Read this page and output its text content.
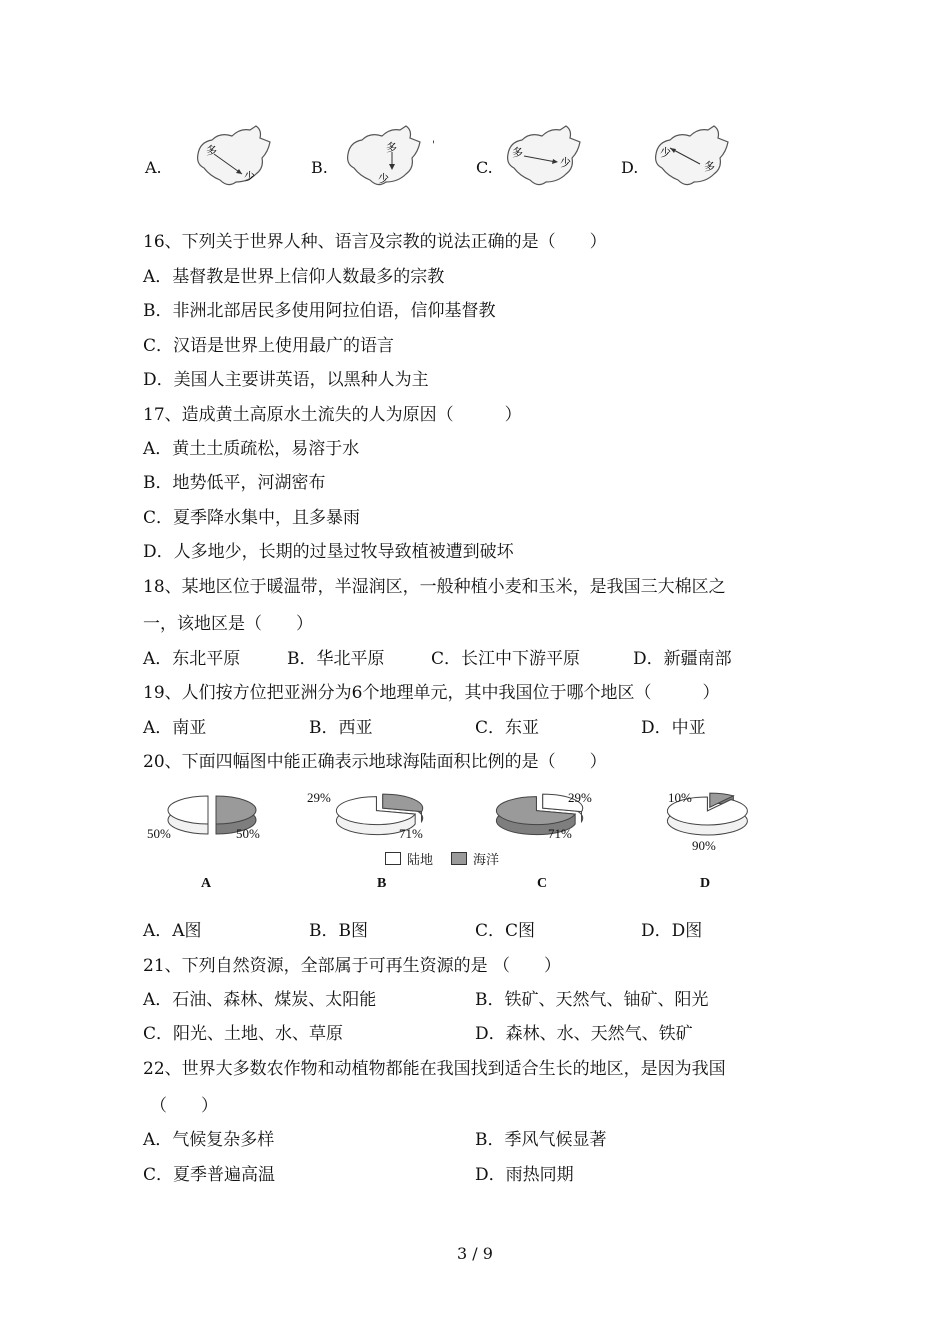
A.	B.	C.	D.
多
少
多
少
多
少
少
多
'
16、下列关于世界人种、语言及宗教的说法正确的是（　　）
A．基督教是世界上信仰人数最多的宗教
B．非洲北部居民多使用阿拉伯语，信仰基督教
C．汉语是世界上使用最广的语言
D．美国人主要讲英语，以黑种人为主
17、造成黄土高原水土流失的人为原因（　　　）
A．黄土土质疏松，易溶于水
B．地势低平，河湖密布
C．夏季降水集中，且多暴雨
D．人多地少，长期的过垦过牧导致植被遭到破坏
18、某地区位于暖温带，半湿润区，一般种植小麦和玉米，是我国三大棉区之
一，该地区是（　　）
A．东北平原	B．华北平原	C．长江中下游平原	D．新疆南部
19、人们按方位把亚洲分为6个地理单元，其中我国位于哪个地区（　　　）
A．南亚	B．西亚	C．东亚	D．中亚
20、下面四幅图中能正确表示地球海陆面积比例的是（　　）
50%	50%
29%
71%
29%
71%
10%
90%
陆地	海洋
A	B	C	D
A．A图	B．B图	C．C图	D．D图
21、下列自然资源，全部属于可再生资源的是 （　　）
A．石油、森林、煤炭、太阳能	B．铁矿、天然气、铀矿、阳光
C．阳光、土地、水、草原	D．森林、水、天然气、铁矿
22、世界大多数农作物和动植物都能在我国找到适合生长的地区，是因为我国
（　　）
A．气候复杂多样	B．季风气候显著
C．夏季普遍高温	D．雨热同期
3 / 9
